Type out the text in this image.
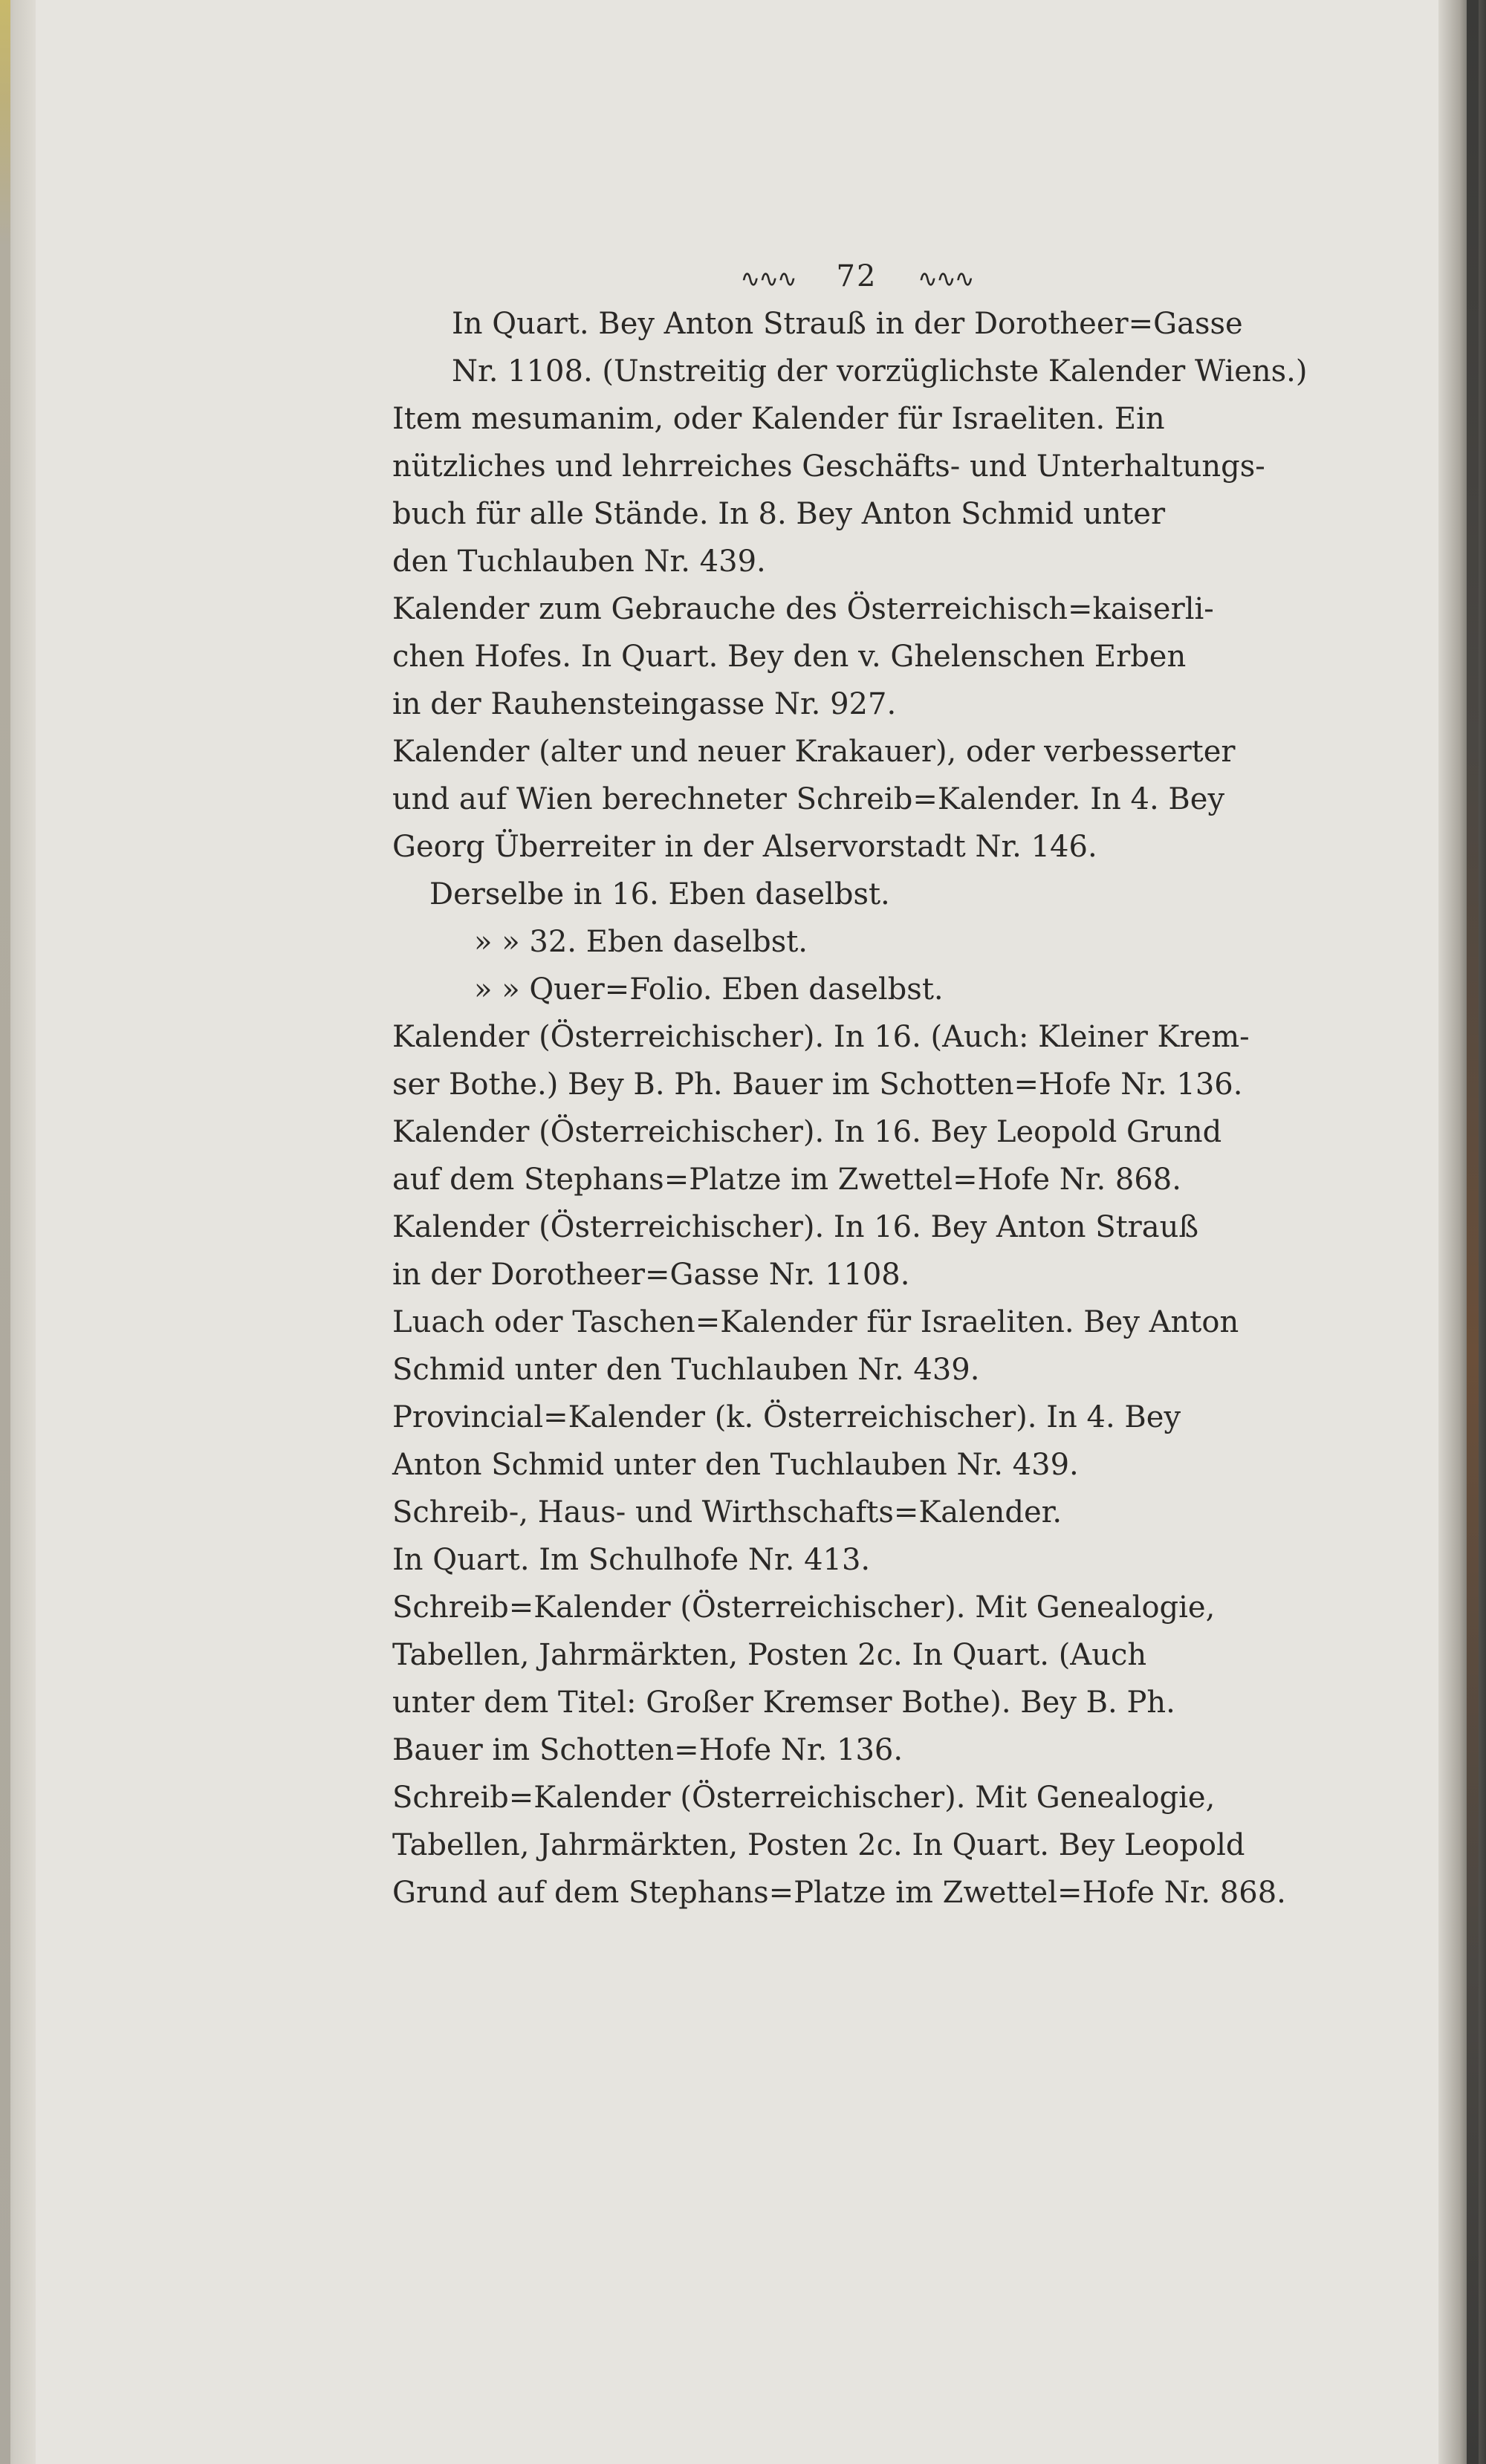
∿∿∿ 72 ∿∿∿

In Quart. Bey Anton Strauß in der Dorotheer=Gasse
Nr. 1108. (Unstreitig der vorzüglichste Kalender Wiens.)

Item mesumanim, oder Kalender für Israeliten. Ein
nützliches und lehrreiches Geschäfts- und Unterhaltungs-
buch für alle Stände. In 8. Bey Anton Schmid unter
den Tuchlauben Nr. 439.

Kalender zum Gebrauche des Österreichisch=kaiserli-
chen Hofes. In Quart. Bey den v. Ghelenschen Erben
in der Rauhensteingasse Nr. 927.

Kalender (alter und neuer Krakauer), oder verbesserter
und auf Wien berechneter Schreib=Kalender. In 4. Bey
Georg Überreiter in der Alservorstadt Nr. 146.

Derselbe in 16. Eben daselbst.

» » 32. Eben daselbst.

» » Quer=Folio. Eben daselbst.

Kalender (Österreichischer). In 16. (Auch: Kleiner Krem-
ser Bothe.) Bey B. Ph. Bauer im Schotten=Hofe Nr. 136.

Kalender (Österreichischer). In 16. Bey Leopold Grund
auf dem Stephans=Platze im Zwettel=Hofe Nr. 868.

Kalender (Österreichischer). In 16. Bey Anton Strauß
in der Dorotheer=Gasse Nr. 1108.

Luach oder Taschen=Kalender für Israeliten. Bey Anton
Schmid unter den Tuchlauben Nr. 439.

Provincial=Kalender (k. Österreichischer). In 4. Bey
Anton Schmid unter den Tuchlauben Nr. 439.

Schreib-, Haus- und Wirthschafts=Kalender.
In Quart. Im Schulhofe Nr. 413.

Schreib=Kalender (Österreichischer). Mit Genealogie,
Tabellen, Jahrmärkten, Posten 2c. In Quart. (Auch
unter dem Titel: Großer Kremser Bothe). Bey B. Ph.
Bauer im Schotten=Hofe Nr. 136.

Schreib=Kalender (Österreichischer). Mit Genealogie,
Tabellen, Jahrmärkten, Posten 2c. In Quart. Bey Leopold
Grund auf dem Stephans=Platze im Zwettel=Hofe Nr. 868.
